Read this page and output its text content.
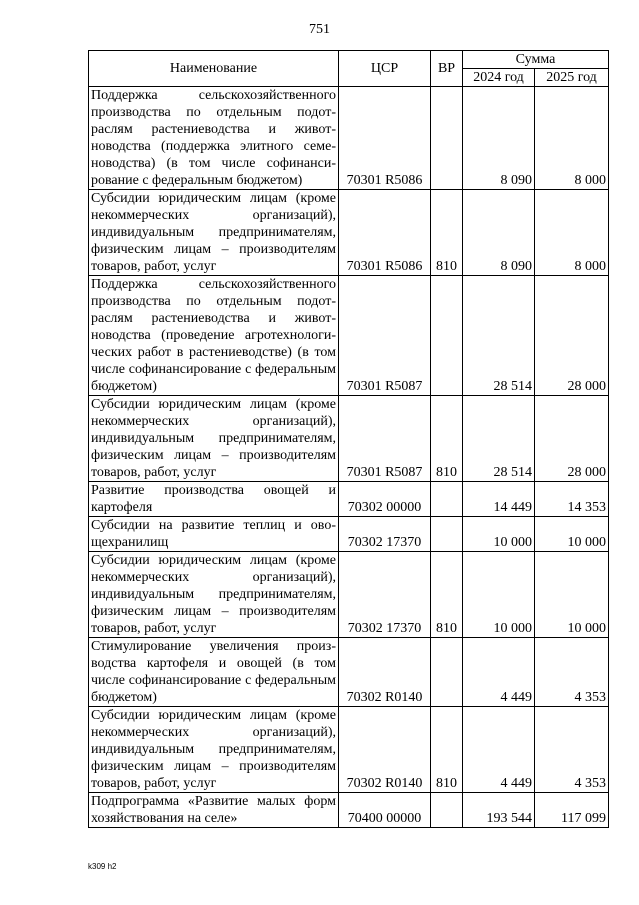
751
Наименование	ЦСР	ВР	Сумма	
			2024 год	2025 год
Поддержка сельскохозяйственного производства по отдельным подотраслям растениеводства и животноводства (поддержка элитного семеноводства) (в том числе софинансирование с федеральным бюджетом)	70301 R5086		8 090	8 000
Субсидии юридическим лицам (кроме некоммерческих организаций), индивидуальным предпринимателям, физическим лицам – производителям товаров, работ, услуг	70301 R5086	810	8 090	8 000
Поддержка сельскохозяйственного производства по отдельным подотраслям растениеводства и животноводства (проведение агротехнологических работ в растениеводстве) (в том числе софинансирование с федеральным бюджетом)	70301 R5087		28 514	28 000
Субсидии юридическим лицам (кроме некоммерческих организаций), индивидуальным предпринимателям, физическим лицам – производителям товаров, работ, услуг	70301 R5087	810	28 514	28 000
Развитие производства овощей и картофеля	70302 00000		14 449	14 353
Субсидии на развитие теплиц и овощехранилищ	70302 17370		10 000	10 000
Субсидии юридическим лицам (кроме некоммерческих организаций), индивидуальным предпринимателям, физическим лицам – производителям товаров, работ, услуг	70302 17370	810	10 000	10 000
Стимулирование увеличения производства картофеля и овощей (в том числе софинансирование с федеральным бюджетом)	70302 R0140		4 449	4 353
Субсидии юридическим лицам (кроме некоммерческих организаций), индивидуальным предпринимателям, физическим лицам – производителям товаров, работ, услуг	70302 R0140	810	4 449	4 353
Подпрограмма «Развитие малых форм хозяйствования на селе»	70400 00000		193 544	117 099
k309 h2
